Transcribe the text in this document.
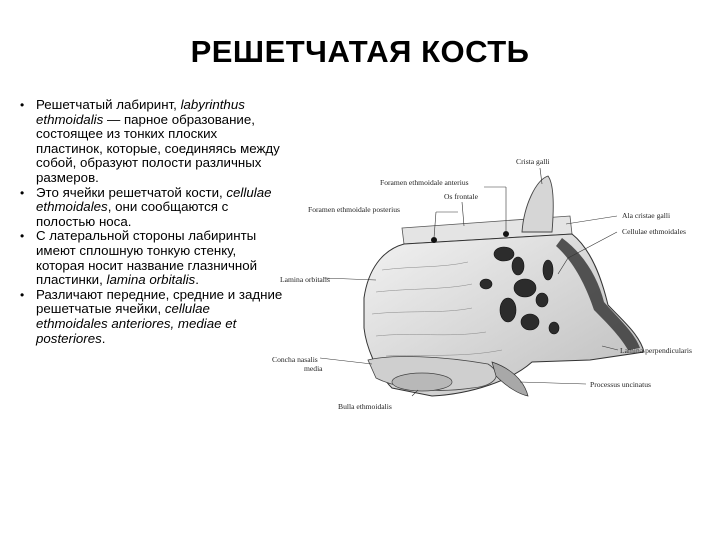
РЕШЕТЧАТАЯ КОСТЬ
• Решетчатый лабиринт, labyrinthus ethmoidalis — парное образование, состоящее из тонких плоских пластинок, которые, соединяясь между собой, образуют полости различных размеров.
• Это ячейки решетчатой кости, cellulae ethmoidales, они сообщаются с полостью носа.
• С латеральной стороны лабиринты имеют сплошную тонкую стенку, которая носит название глазничной пластинки, lamina orbitalis.
• Различают передние, средние и задние решетчатые ячейки, cellulae ethmoidales anteriores, mediae et posteriores.
Crista galli
Foramen ethmoidale anterius
Os frontale
Foramen ethmoidale posterius
Ala cristae galli
Cellulae ethmoidales
Lamina orbitalis
Concha nasalis
media
Lamina perpendicularis
Processus uncinatus
Bulla ethmoidalis
